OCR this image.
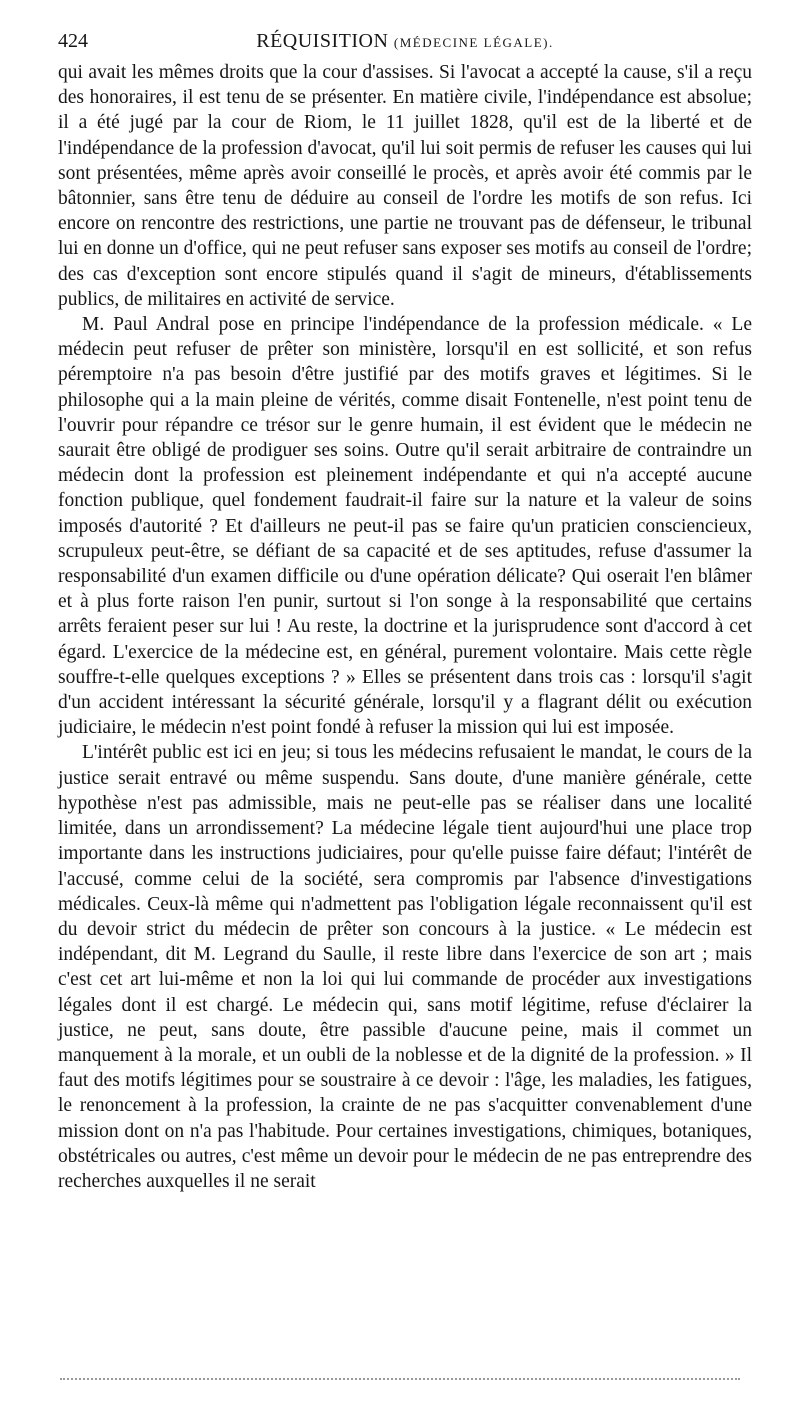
424	RÉQUISITION (MÉDECINE LÉGALE).

qui avait les mêmes droits que la cour d'assises. Si l'avocat a accepté la cause, s'il a reçu des honoraires, il est tenu de se présenter. En matière civile, l'indépendance est absolue; il a été jugé par la cour de Riom, le 11 juillet 1828, qu'il est de la liberté et de l'indépendance de la profession d'avocat, qu'il lui soit permis de refuser les causes qui lui sont présentées, même après avoir conseillé le procès, et après avoir été commis par le bâtonnier, sans être tenu de déduire au conseil de l'ordre les motifs de son refus. Ici encore on rencontre des restrictions, une partie ne trouvant pas de défenseur, le tribunal lui en donne un d'office, qui ne peut refuser sans exposer ses motifs au conseil de l'ordre; des cas d'exception sont encore stipulés quand il s'agit de mineurs, d'établissements publics, de militaires en activité de service.

M. Paul Andral pose en principe l'indépendance de la profession médicale. « Le médecin peut refuser de prêter son ministère, lorsqu'il en est sollicité, et son refus péremptoire n'a pas besoin d'être justifié par des motifs graves et légitimes. Si le philosophe qui a la main pleine de vérités, comme disait Fontenelle, n'est point tenu de l'ouvrir pour répandre ce trésor sur le genre humain, il est évident que le médecin ne saurait être obligé de prodiguer ses soins. Outre qu'il serait arbitraire de contraindre un médecin dont la profession est pleinement indépendante et qui n'a accepté aucune fonction publique, quel fondement faudrait-il faire sur la nature et la valeur de soins imposés d'autorité ? Et d'ailleurs ne peut-il pas se faire qu'un praticien consciencieux, scrupuleux peut-être, se défiant de sa capacité et de ses aptitudes, refuse d'assumer la responsabilité d'un examen difficile ou d'une opération délicate? Qui oserait l'en blâmer et à plus forte raison l'en punir, surtout si l'on songe à la responsabilité que certains arrêts feraient peser sur lui ! Au reste, la doctrine et la jurisprudence sont d'accord à cet égard. L'exercice de la médecine est, en général, purement volontaire. Mais cette règle souffre-t-elle quelques exceptions ? » Elles se présentent dans trois cas : lorsqu'il s'agit d'un accident intéressant la sécurité générale, lorsqu'il y a flagrant délit ou exécution judiciaire, le médecin n'est point fondé à refuser la mission qui lui est imposée.

L'intérêt public est ici en jeu; si tous les médecins refusaient le mandat, le cours de la justice serait entravé ou même suspendu. Sans doute, d'une manière générale, cette hypothèse n'est pas admissible, mais ne peut-elle pas se réaliser dans une localité limitée, dans un arrondissement? La médecine légale tient aujourd'hui une place trop importante dans les instructions judiciaires, pour qu'elle puisse faire défaut; l'intérêt de l'accusé, comme celui de la société, sera compromis par l'absence d'investigations médicales. Ceux-là même qui n'admettent pas l'obligation légale reconnaissent qu'il est du devoir strict du médecin de prêter son concours à la justice. « Le médecin est indépendant, dit M. Legrand du Saulle, il reste libre dans l'exercice de son art ; mais c'est cet art lui-même et non la loi qui lui commande de procéder aux investigations légales dont il est chargé. Le médecin qui, sans motif légitime, refuse d'éclairer la justice, ne peut, sans doute, être passible d'aucune peine, mais il commet un manquement à la morale, et un oubli de la noblesse et de la dignité de la profession. » Il faut des motifs légitimes pour se soustraire à ce devoir : l'âge, les maladies, les fatigues, le renoncement à la profession, la crainte de ne pas s'acquitter convenablement d'une mission dont on n'a pas l'habitude. Pour certaines investigations, chimiques, botaniques, obstétricales ou autres, c'est même un devoir pour le médecin de ne pas entreprendre des recherches auxquelles il ne serait
